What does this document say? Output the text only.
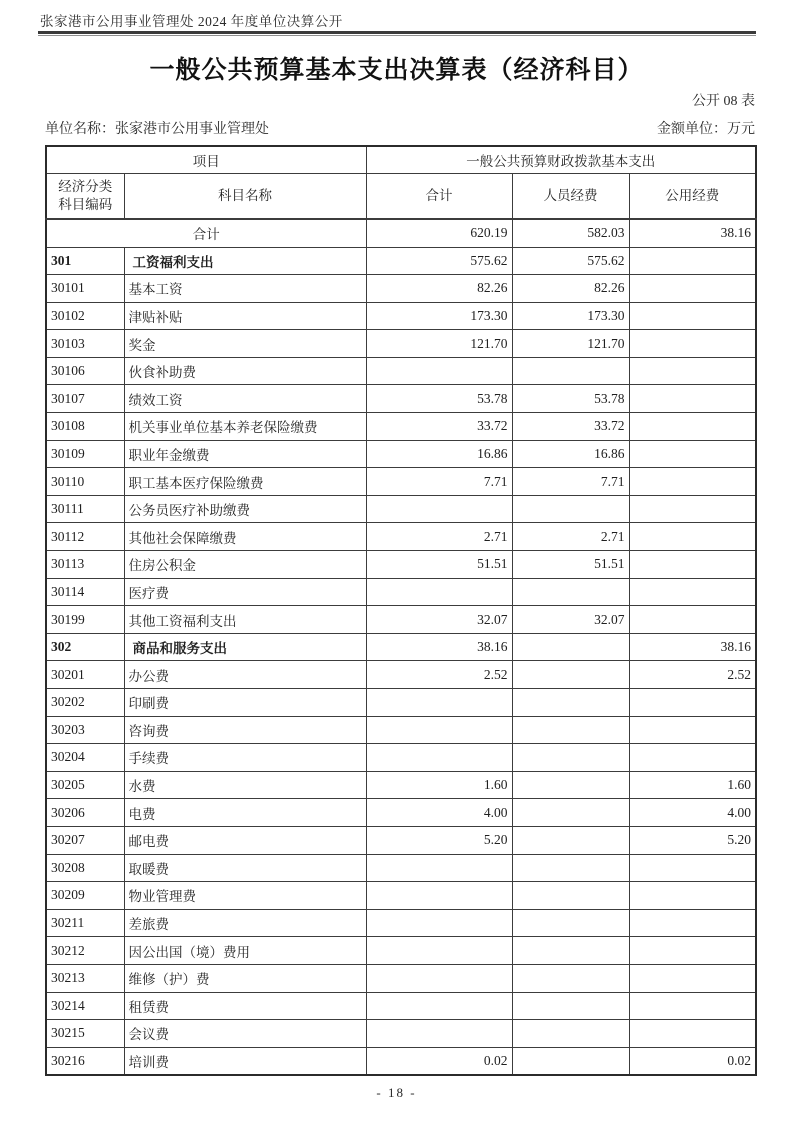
张家港市公用事业管理处 2024 年度单位决算公开
一般公共预算基本支出决算表（经济科目）
公开 08 表
单位名称：张家港市公用事业管理处	金额单位：万元
项目		一般公共预算财政拨款基本支出		

经济分类
科目编码	科目名称	合计	人员经费	公用经费
合计		620.19	582.03	38.16
301	工资福利支出	575.62	575.62	
30101	基本工资	82.26	82.26	
30102	津贴补贴	173.30	173.30	
30103	奖金	121.70	121.70	
30106	伙食补助费			
30107	绩效工资	53.78	53.78	
30108	机关事业单位基本养老保险缴费	33.72	33.72	
30109	职业年金缴费	16.86	16.86	
30110	职工基本医疗保险缴费	7.71	7.71	
30111	公务员医疗补助缴费			
30112	其他社会保障缴费	2.71	2.71	
30113	住房公积金	51.51	51.51	
30114	医疗费			
30199	其他工资福利支出	32.07	32.07	
302	商品和服务支出	38.16		38.16
30201	办公费	2.52		2.52
30202	印刷费			
30203	咨询费			
30204	手续费			
30205	水费	1.60		1.60
30206	电费	4.00		4.00
30207	邮电费	5.20		5.20
30208	取暖费			
30209	物业管理费			
30211	差旅费			
30212	因公出国（境）费用			
30213	维修（护）费			
30214	租赁费			
30215	会议费			
30216	培训费	0.02		0.02
- 18 -
